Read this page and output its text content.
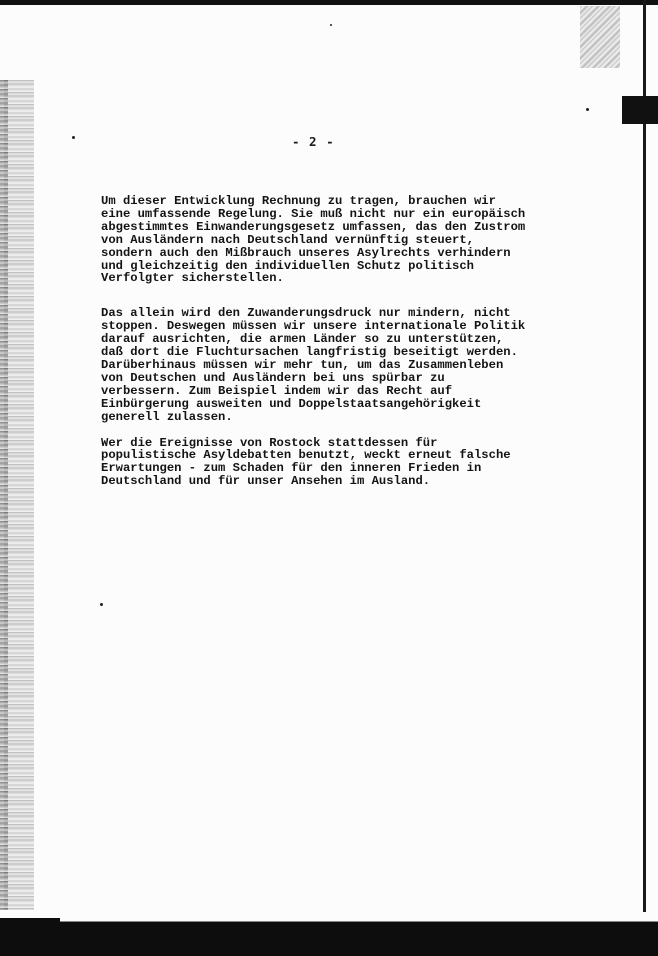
- 2 -
Um dieser Entwicklung Rechnung zu tragen, brauchen wir
eine umfassende Regelung. Sie muß nicht nur ein europäisch
abgestimmtes Einwanderungsgesetz umfassen, das den Zustrom
von Ausländern nach Deutschland vernünftig steuert,
sondern auch den Mißbrauch unseres Asylrechts verhindern
und gleichzeitig den individuellen Schutz politisch
Verfolgter sicherstellen.
Das allein wird den Zuwanderungsdruck nur mindern, nicht
stoppen. Deswegen müssen wir unsere internationale Politik
darauf ausrichten, die armen Länder so zu unterstützen,
daß dort die Fluchtursachen langfristig beseitigt werden.
Darüberhinaus müssen wir mehr tun, um das Zusammenleben
von Deutschen und Ausländern bei uns spürbar zu
verbessern. Zum Beispiel indem wir das Recht auf
Einbürgerung ausweiten und Doppelstaatsangehörigkeit
generell zulassen.
Wer die Ereignisse von Rostock stattdessen für
populistische Asyldebatten benutzt, weckt erneut falsche
Erwartungen - zum Schaden für den inneren Frieden in
Deutschland und für unser Ansehen im Ausland.
